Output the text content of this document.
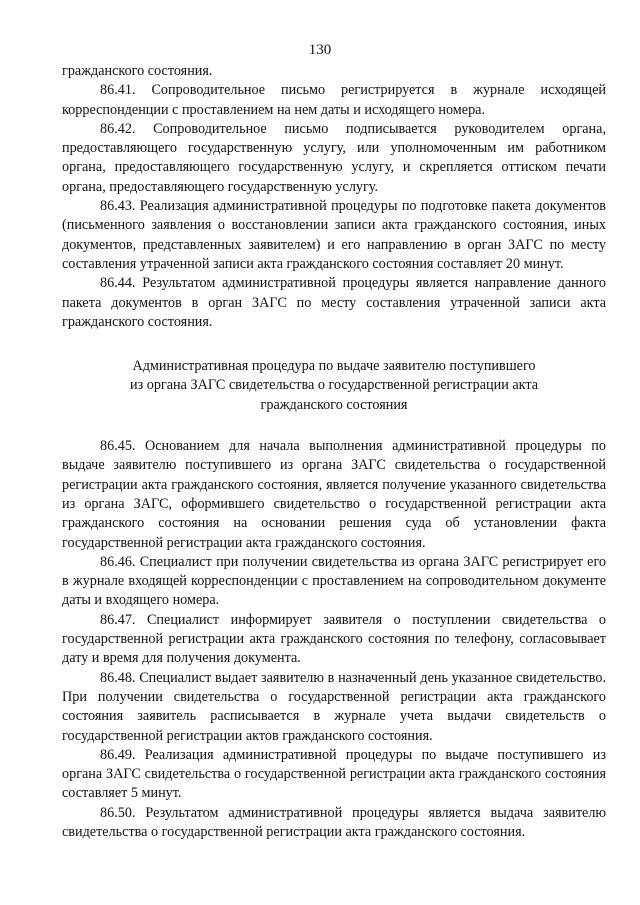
130

гражданского состояния.

86.41. Сопроводительное письмо регистрируется в журнале исходящей корреспонденции с проставлением на нем даты и исходящего номера.

86.42. Сопроводительное письмо подписывается руководителем органа, предоставляющего государственную услугу, или уполномоченным им работником органа, предоставляющего государственную услугу, и скрепляется оттиском печати органа, предоставляющего государственную услугу.

86.43. Реализация административной процедуры по подготовке пакета документов (письменного заявления о восстановлении записи акта гражданского состояния, иных документов, представленных заявителем) и его направлению в орган ЗАГС по месту составления утраченной записи акта гражданского состояния составляет 20 минут.

86.44. Результатом административной процедуры является направление данного пакета документов в орган ЗАГС по месту составления утраченной записи акта гражданского состояния.

Административная процедура по выдаче заявителю поступившего
из органа ЗАГС свидетельства о государственной регистрации акта
гражданского состояния

86.45. Основанием для начала выполнения административной процедуры по выдаче заявителю поступившего из органа ЗАГС свидетельства о государственной регистрации акта гражданского состояния, является получение указанного свидетельства из органа ЗАГС, оформившего свидетельство о государственной регистрации акта гражданского состояния на основании решения суда об установлении факта государственной регистрации акта гражданского состояния.

86.46. Специалист при получении свидетельства из органа ЗАГС регистрирует его в журнале входящей корреспонденции с проставлением на сопроводительном документе даты и входящего номера.

86.47. Специалист информирует заявителя о поступлении свидетельства о государственной регистрации акта гражданского состояния по телефону, согласовывает дату и время для получения документа.

86.48. Специалист выдает заявителю в назначенный день указанное свидетельство. При получении свидетельства о государственной регистрации акта гражданского состояния заявитель расписывается в журнале учета выдачи свидетельств о государственной регистрации актов гражданского состояния.

86.49. Реализация административной процедуры по выдаче поступившего из органа ЗАГС свидетельства о государственной регистрации акта гражданского состояния составляет 5 минут.

86.50. Результатом административной процедуры является выдача заявителю свидетельства о государственной регистрации акта гражданского состояния.
